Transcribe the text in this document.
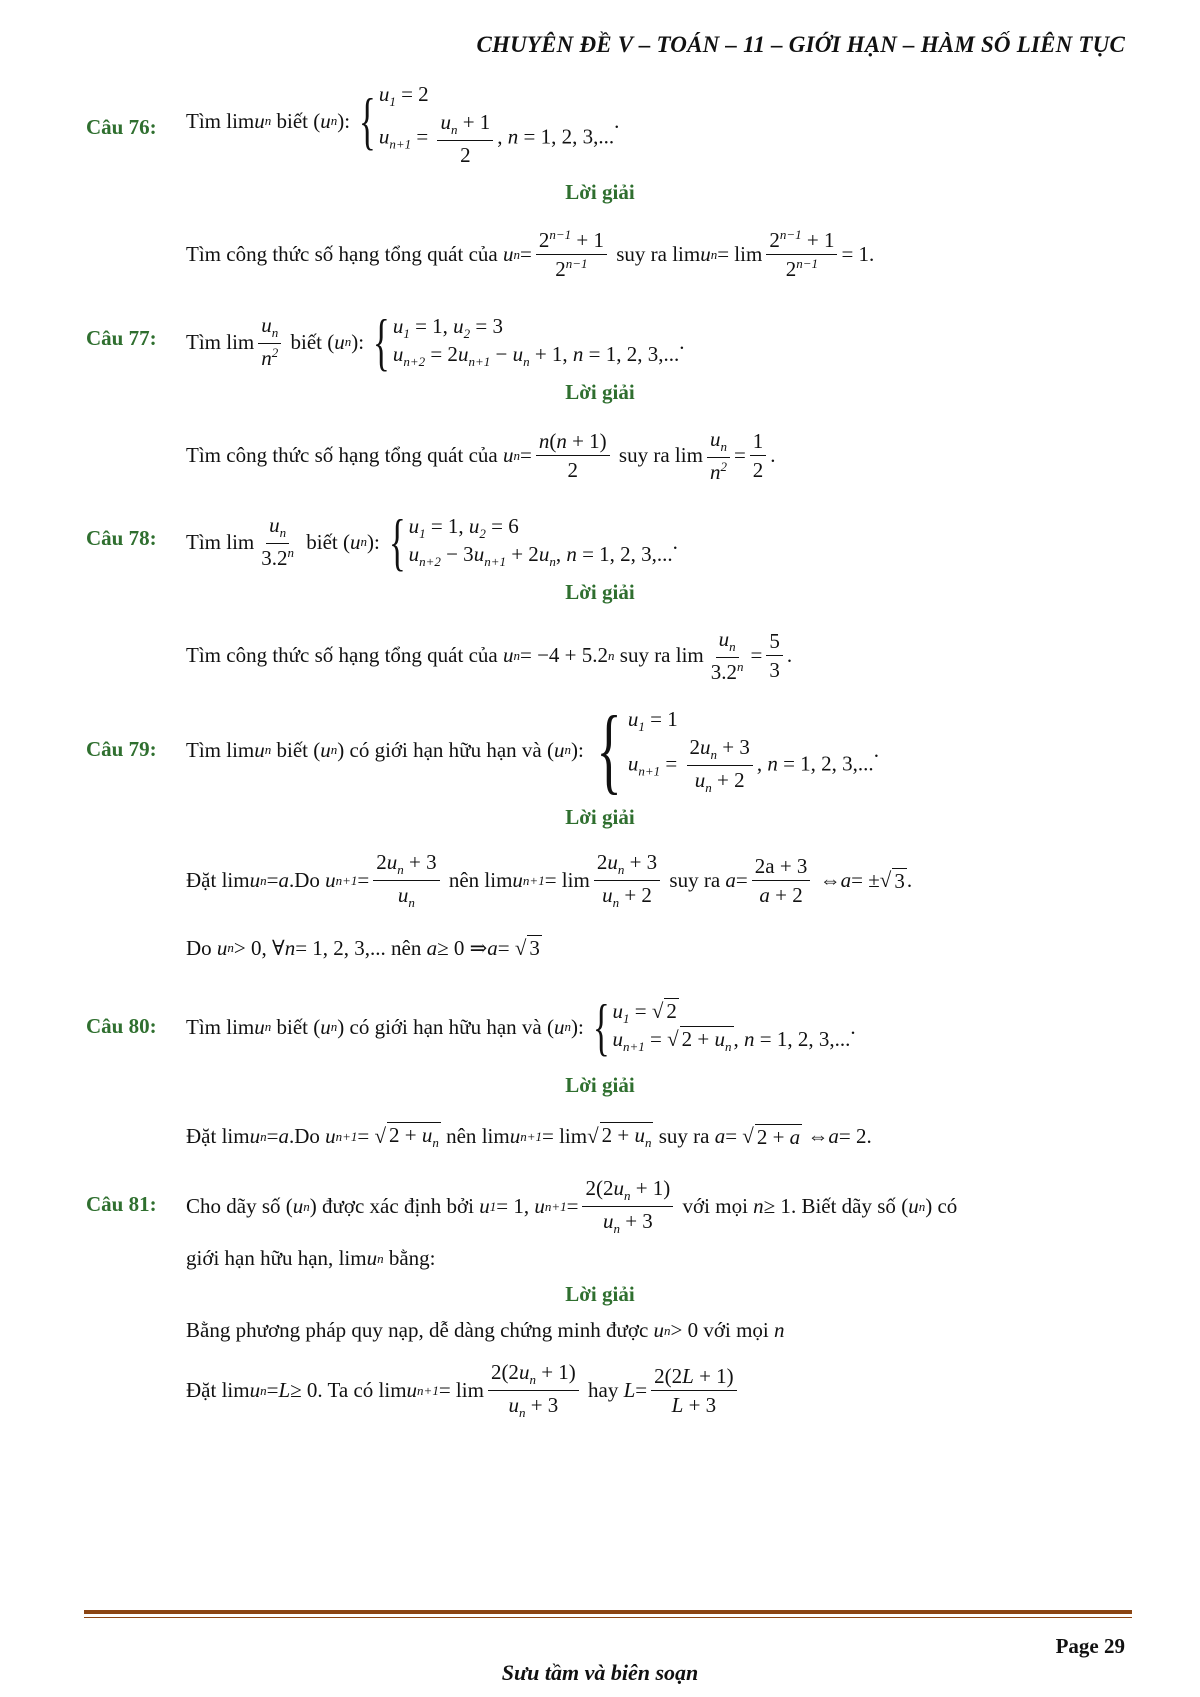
CHUYÊN ĐỀ V – TOÁN – 11 – GIỚI HẠN – HÀM SỐ LIÊN TỤC
Câu 76: Tìm lim u n
biết ( u n ): { $u_1 = 2$
$u_{n+1} = \frac{u_n + 1}{2}$ , n = 1, 2, 3,...
.
Lời giải
Tìm công thức số hạng tổng quát của
u $n = \frac{2^{n-1} + 1}{2^{n-1}}$
suy ra lim u $n = \lim \frac{2^{n-1} + 1}{2^{n-1}} = 1$.
Câu 77: Tìm $\lim \frac{u_n}{n^2}$
biết ( u n ): { $u_1 = 1$, $u_2 = 3$
$u_{n+2} = 2u_{n+1} - u_n + 1$, n = 1, 2, 3,...
.
Lời giải
Tìm công thức số hạng tổng quát của
u $n = \frac{n(n + 1)}{2}$
suy ra $\lim \frac{u_n}{n^2} = \frac{1}{2}$ .
Câu 78: Tìm $\lim \frac{u_n}{3.2^n}$
biết ( u n ): { $u_1 = 1$, $u_2 = 6$
$u_{n+2} - 3u_{n+1} + 2u_n$, n = 1, 2, 3,...
.
Lời giải
Tìm công thức số hạng tổng quát của
u n = −4 + 5.2 n
suy ra $\lim \frac{u_n}{3.2^n} = \frac{5}{3}$ .
Câu 79: Tìm lim u n
biết ( u n ) có giới hạn hữu hạn và ( u n ): { $u_1 = 1$
$u_{n+1} = \frac{2u_n + 3}{u_n + 2}$ , n = 1, 2, 3,...
.
Lời giải
Đặt lim u n = a . Do
u $n+1 = \frac{2u_n + 3}{u_n}$
nên lim u $n+1 = \lim \frac{2u_n + 3}{u_n + 2}$
suy ra
$a = \frac{2a + 3}{a + 2}$ ⇔ a = ±√ 3 .
Do
u n > 0, ∀ n = 1, 2, 3,... nên
a ≥ 0 ⇒ a = √ 3
Câu 80: Tìm lim u n
biết ( u n ) có giới hạn hữu hạn và ( u n ): { $u_1$ = √ 2
$u_{n+1}$ = √ $2 + u_n$, n = 1, 2, 3,...
.
Lời giải
Đặt lim u n = a . Do
u n+1 = √ $2 + u_n$
nên lim u n+1 = lim√ $2 + u_n$
suy ra
a = √ 2 + a ⇔ a = 2.
Câu 81: Cho dãy số ( u n ) được xác định bởi
u 1 = 1, u $n+1 = \frac{2(2u_n + 1)}{u_n + 3}$
với mọi
n ≥ 1 . Biết dãy số ( u n ) có
giới hạn hữu hạn, lim u n
bằng:
Lời giải
Bằng phương pháp quy nạp, dễ dàng chứng minh được
u n > 0 với mọi
n
Đặt lim u n = L ≥ 0 . Ta có lim u $n+1 = \lim \frac{2(2u_n + 1)}{u_n + 3}$
hay
$L = \frac{2(2L + 1)}{L + 3}$
Page 29
Sưu tầm và biên soạn
